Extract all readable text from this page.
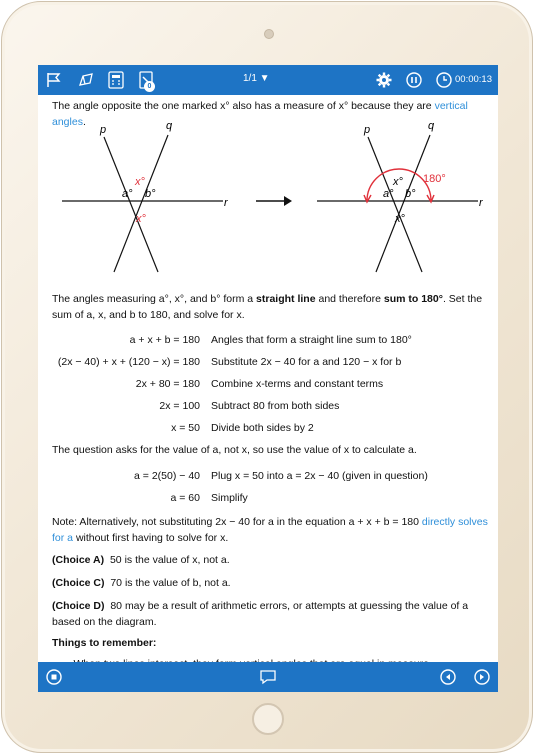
0
1/1 ▼	00:00:13

The angle opposite the one marked x° also has a measure of x° because they are vertical angles.

p	q
r
a° b°
x°
x°
180°
p	q
r
a° b°
x°
x°

The angles measuring a°, x°, and b° form a straight line and therefore sum to 180°. Set the sum of a, x, and b to 180, and solve for x.

a + x + b = 180 Angles that form a straight line sum to 180°
(2x − 40) + x + (120 − x) = 180 Substitute 2x − 40 for a and 120 − x for b
2x + 80 = 180 Combine x-terms and constant terms
2x = 100 Subtract 80 from both sides
x = 50 Divide both sides by 2

The question asks for the value of a, not x, so use the value of x to calculate a.

a = 2(50) − 40 Plug x = 50 into a = 2x − 40 (given in question)
a = 60 Simplify

Note: Alternatively, not substituting 2x − 40 for a in the equation a + x + b = 180 directly solves for a without first having to solve for x.

(Choice A) 50 is the value of x, not a.

(Choice C) 70 is the value of b, not a.

(Choice D) 80 may be a result of arithmetic errors, or attempts at guessing the value of a based on the diagram.

Things to remember:
